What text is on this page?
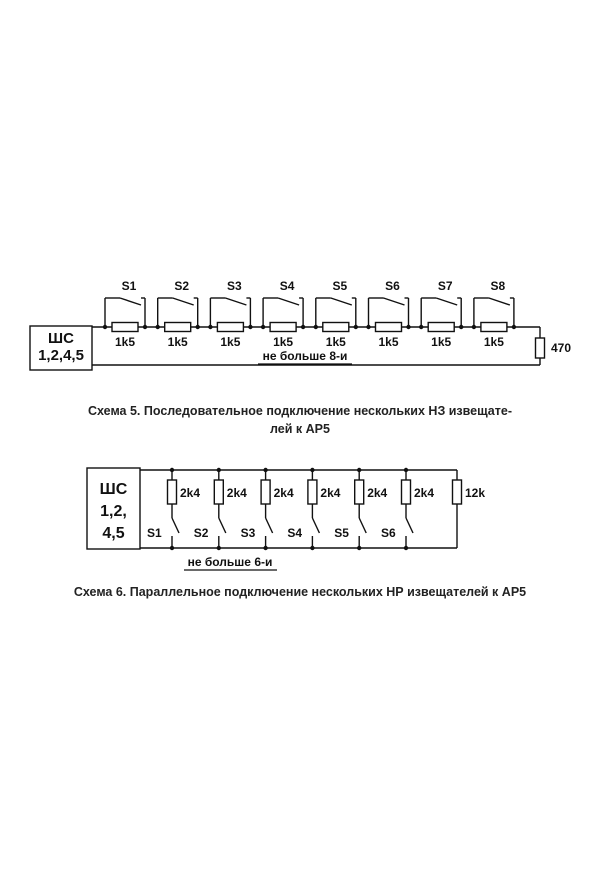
ШС
1,2,4,5
S1
1k5
S2
1k5
S3
1k5
S4
1k5
S5
1k5
S6
1k5
S7
1k5
S8
1k5	470
не больше 8-и
ШС
1,2,
4,5
2k4
S1
2k4
S2
2k4
S3
2k4
S4
2k4
S5
2k4
S6
12k
не больше 6-и
Схема 5. Последовательное подключение нескольких НЗ извещате-
лей к АР5
Схема 6. Параллельное подключение нескольких НР извещателей к АР5
